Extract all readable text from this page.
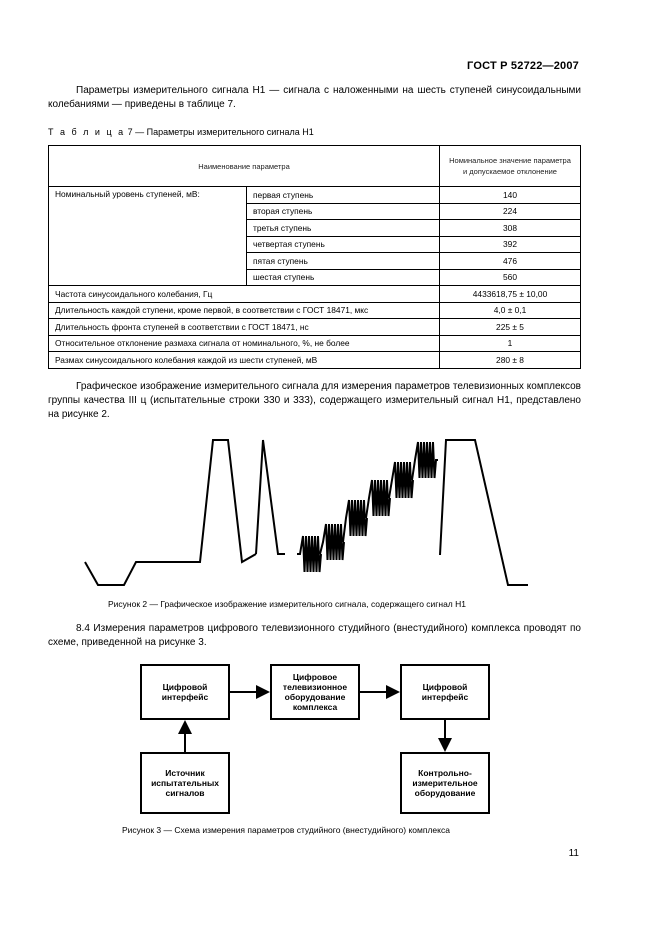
ГОСТ Р 52722—2007

Параметры измерительного сигнала Н1 — сигнала с наложенными на шесть ступеней синусоидальными колебаниями — приведены в таблице 7.

Т а б л и ц а 7 — Параметры измерительного сигнала Н1
Наименование параметра		Номинальное значение параметра и допускаемое отклонение
Номинальный уровень ступеней, мВ:	первая ступень	140
	вторая ступень	224
	третья ступень	308
	четвертая ступень	392
	пятая ступень	476
	шестая ступень	560
Частота синусоидального колебания, Гц		4433618,75 ± 10,00
Длительность каждой ступени, кроме первой, в соответствии с ГОСТ 18471, мкс		4,0 ± 0,1
Длительность фронта ступеней в соответствии с ГОСТ 18471, нс		225 ± 5
Относительное отклонение размаха сигнала от номинального, %, не более		1
Размах синусоидального колебания каждой из шести ступеней, мВ		280 ± 8

Графическое изображение измерительного сигнала для измерения параметров телевизионных комплексов группы качества III ц (испытательные строки 330 и 333), содержащего измерительный сигнал Н1, представлено на рисунке 2.

Рисунок 2 — Графическое изображение измерительного сигнала, содержащего сигнал Н1

8.4 Измерения параметров цифрового телевизионного студийного (внестудийного) комплекса проводят по схеме, приведенной на рисунке 3.

Цифровой интерфейс
Цифровое телевизионное оборудование комплекса
Цифровой интерфейс
Источник испытательных сигналов
Контрольно-измерительное оборудование
Рисунок 3 — Схема измерения параметров студийного (внестудийного) комплекса
11
